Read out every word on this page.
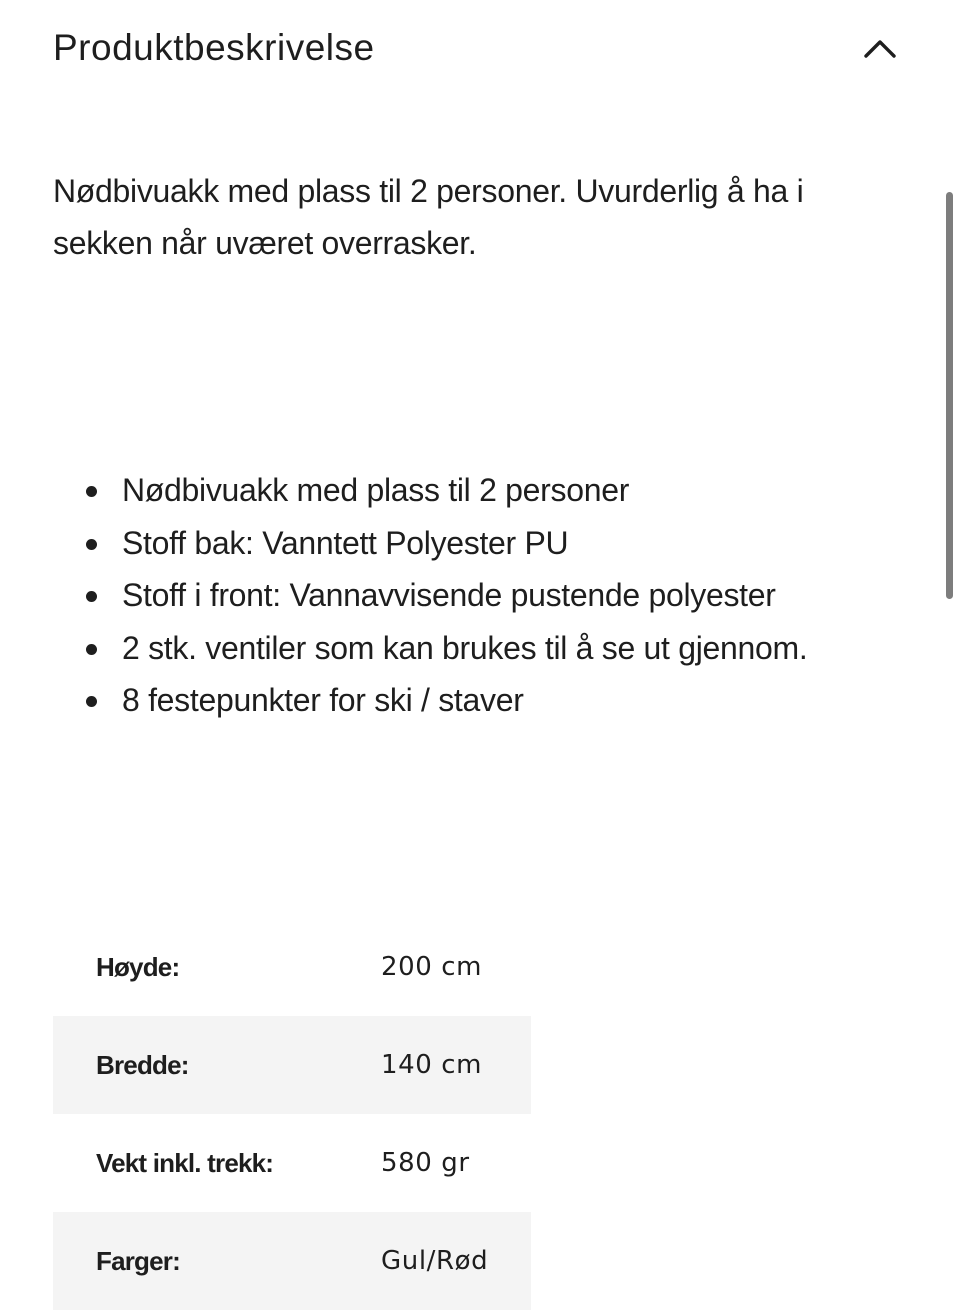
Produktbeskrivelse

Nødbivuakk med plass til 2 personer. Uvurderlig å ha i sekken når uværet overrasker.

Nødbivuakk med plass til 2 personer
Stoff bak: Vanntett Polyester PU
Stoff i front: Vannavvisende pustende polyester
2 stk. ventiler som kan brukes til å se ut gjennom.
8 festepunkter for ski / staver
Høyde:	200 cm
Bredde:	140 cm
Vekt inkl. trekk:	580 gr
Farger:	Gul/Rød
